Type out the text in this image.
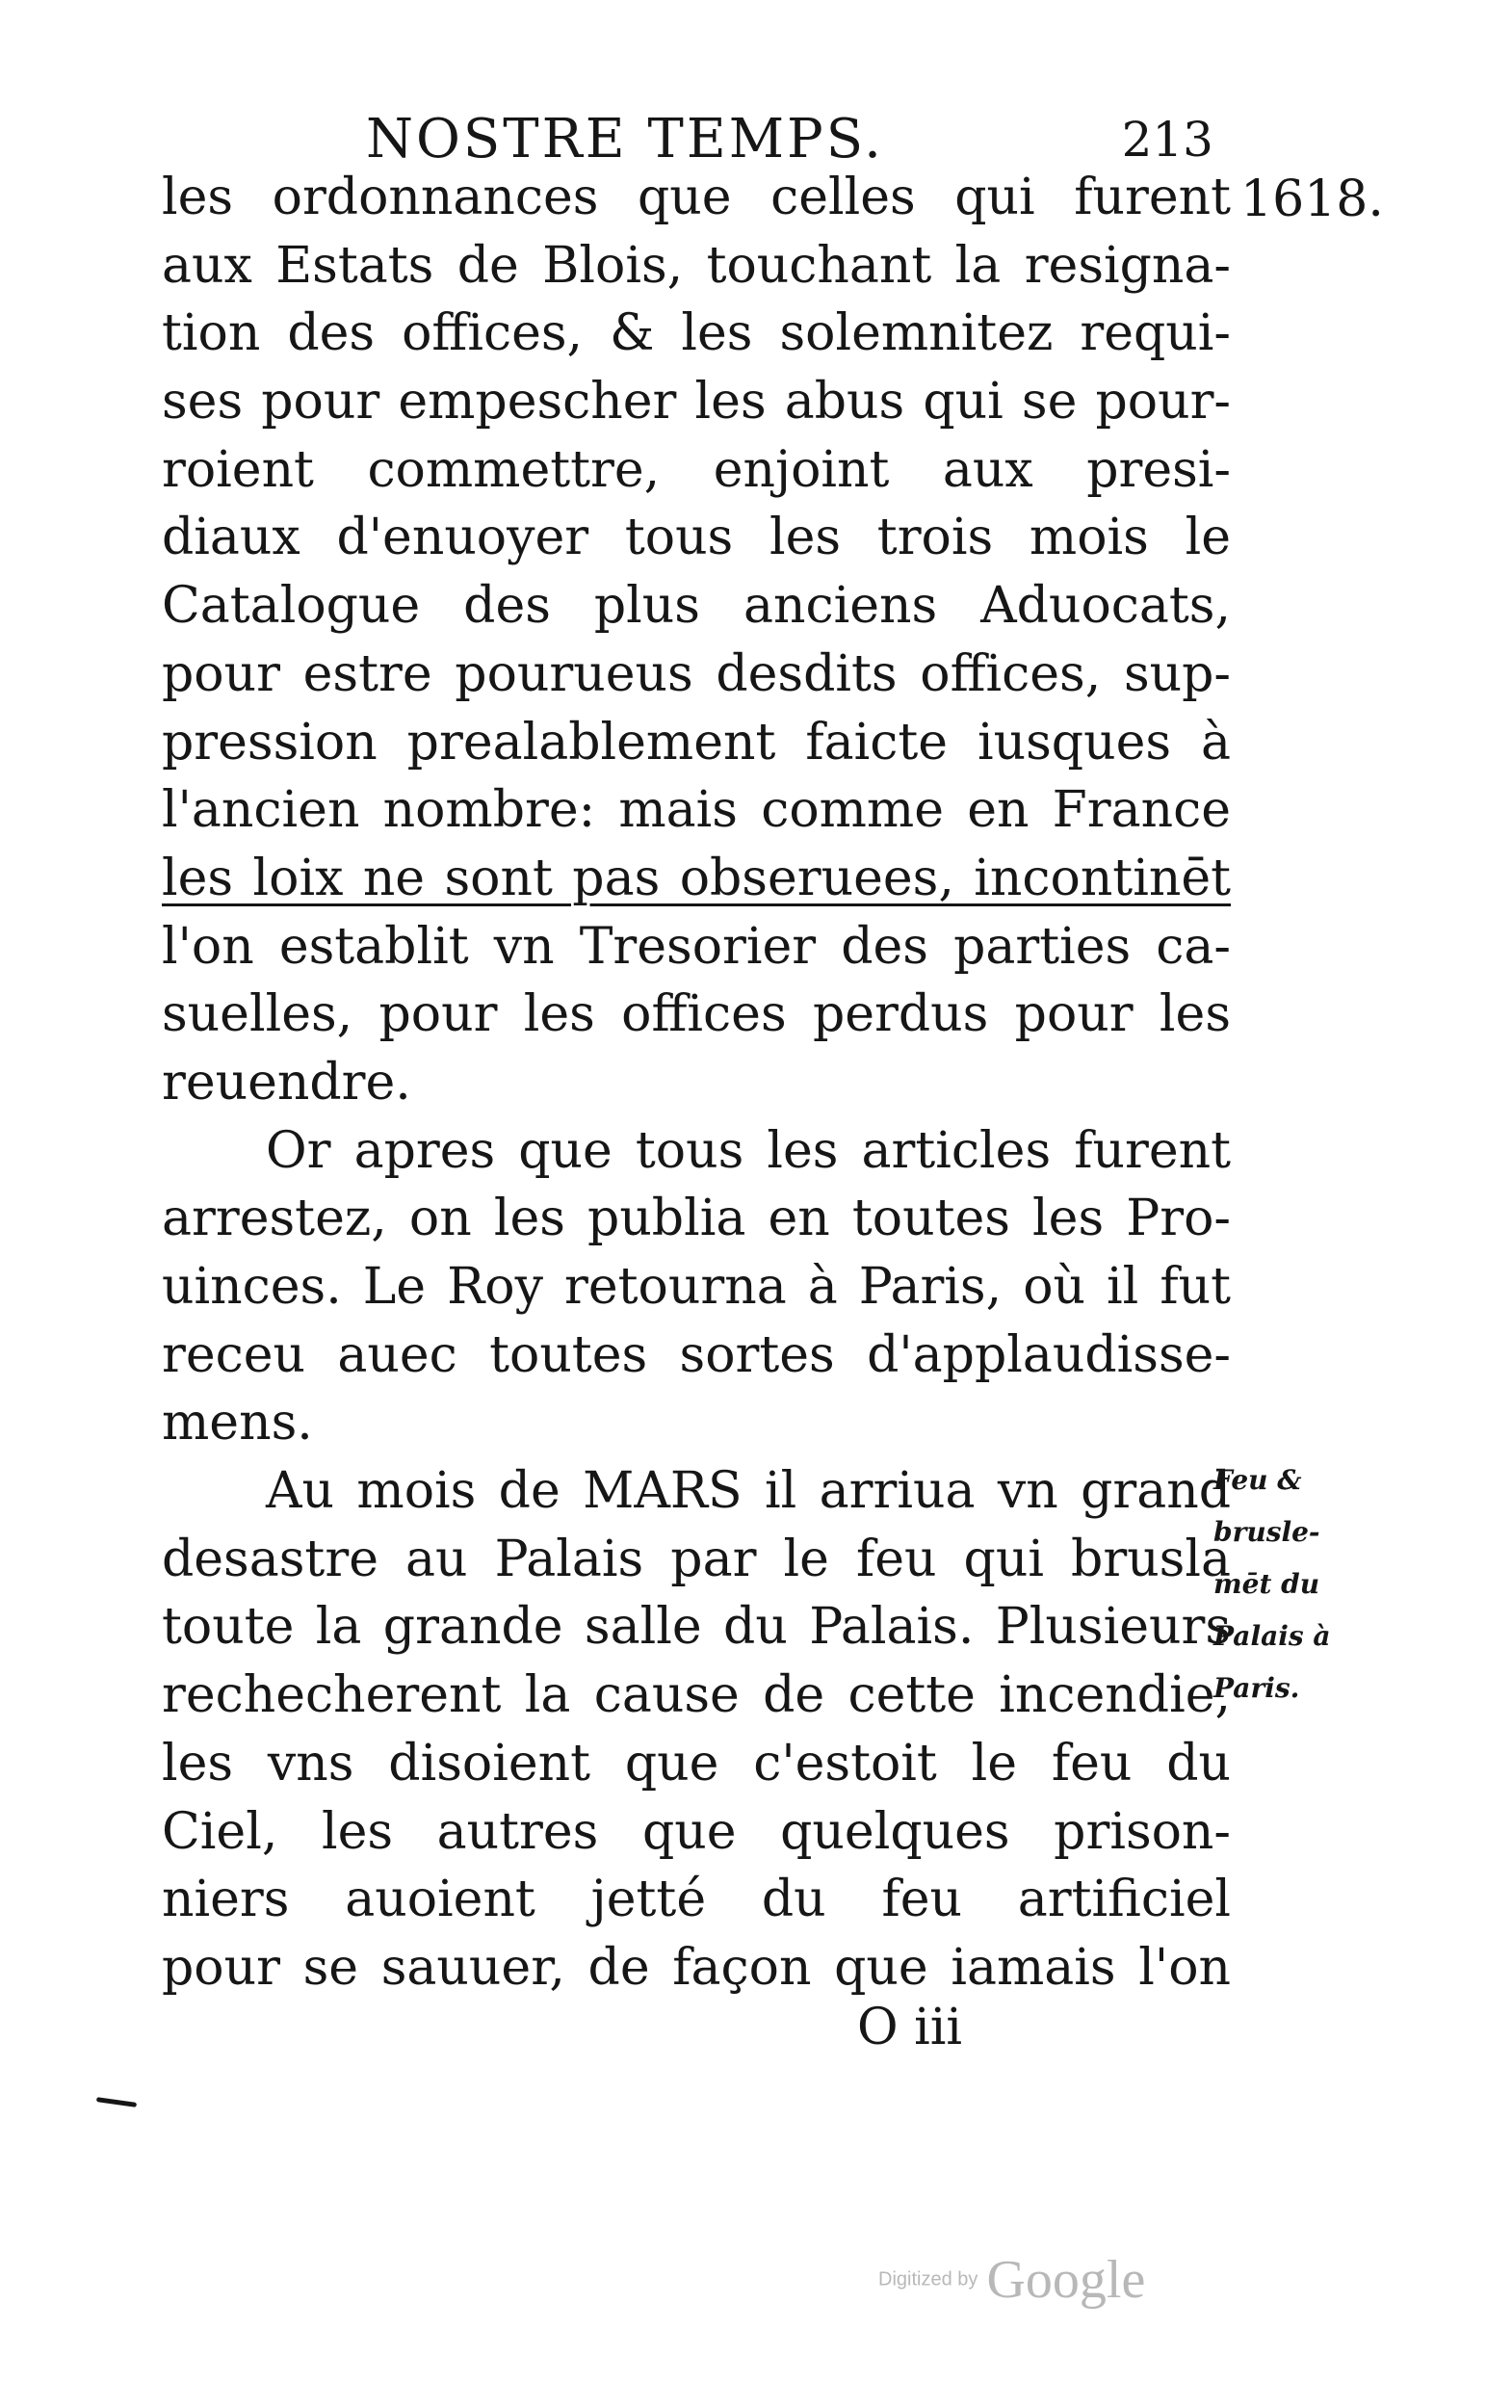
NOSTRE TEMPS.	213
1618.
les ordonnances que celles qui furent
aux Estats de Blois, touchant la resigna-
tion des offices, & les solemnitez requi-
ses pour empescher les abus qui se pour-
roient commettre, enjoint aux presi-
diaux d'enuoyer tous les trois mois le
Catalogue des plus anciens Aduocats,
pour estre pourueus desdits offices, sup-
pression prealablement faicte iusques à
l'ancien nombre: mais comme en France
les loix ne sont pas obseruees, incontinēt
l'on establit vn Tresorier des parties ca-
suelles, pour les offices perdus pour les
reuendre.
Or apres que tous les articles furent
arrestez, on les publia en toutes les Pro-
uinces. Le Roy retourna à Paris, où il fut
receu auec toutes sortes d'applaudisse-
mens.
Au mois de MARS il arriua vn grand
desastre au Palais par le feu qui brusla
toute la grande salle du Palais. Plusieurs
rechecherent la cause de cette incendie,
les vns disoient que c'estoit le feu du
Ciel, les autres que quelques prison-
niers auoient jetté du feu artificiel
pour se sauuer, de façon que iamais l'on
Feu &
brusle-
mēt du
Palais à
Paris.
O iii
Digitized by Google
